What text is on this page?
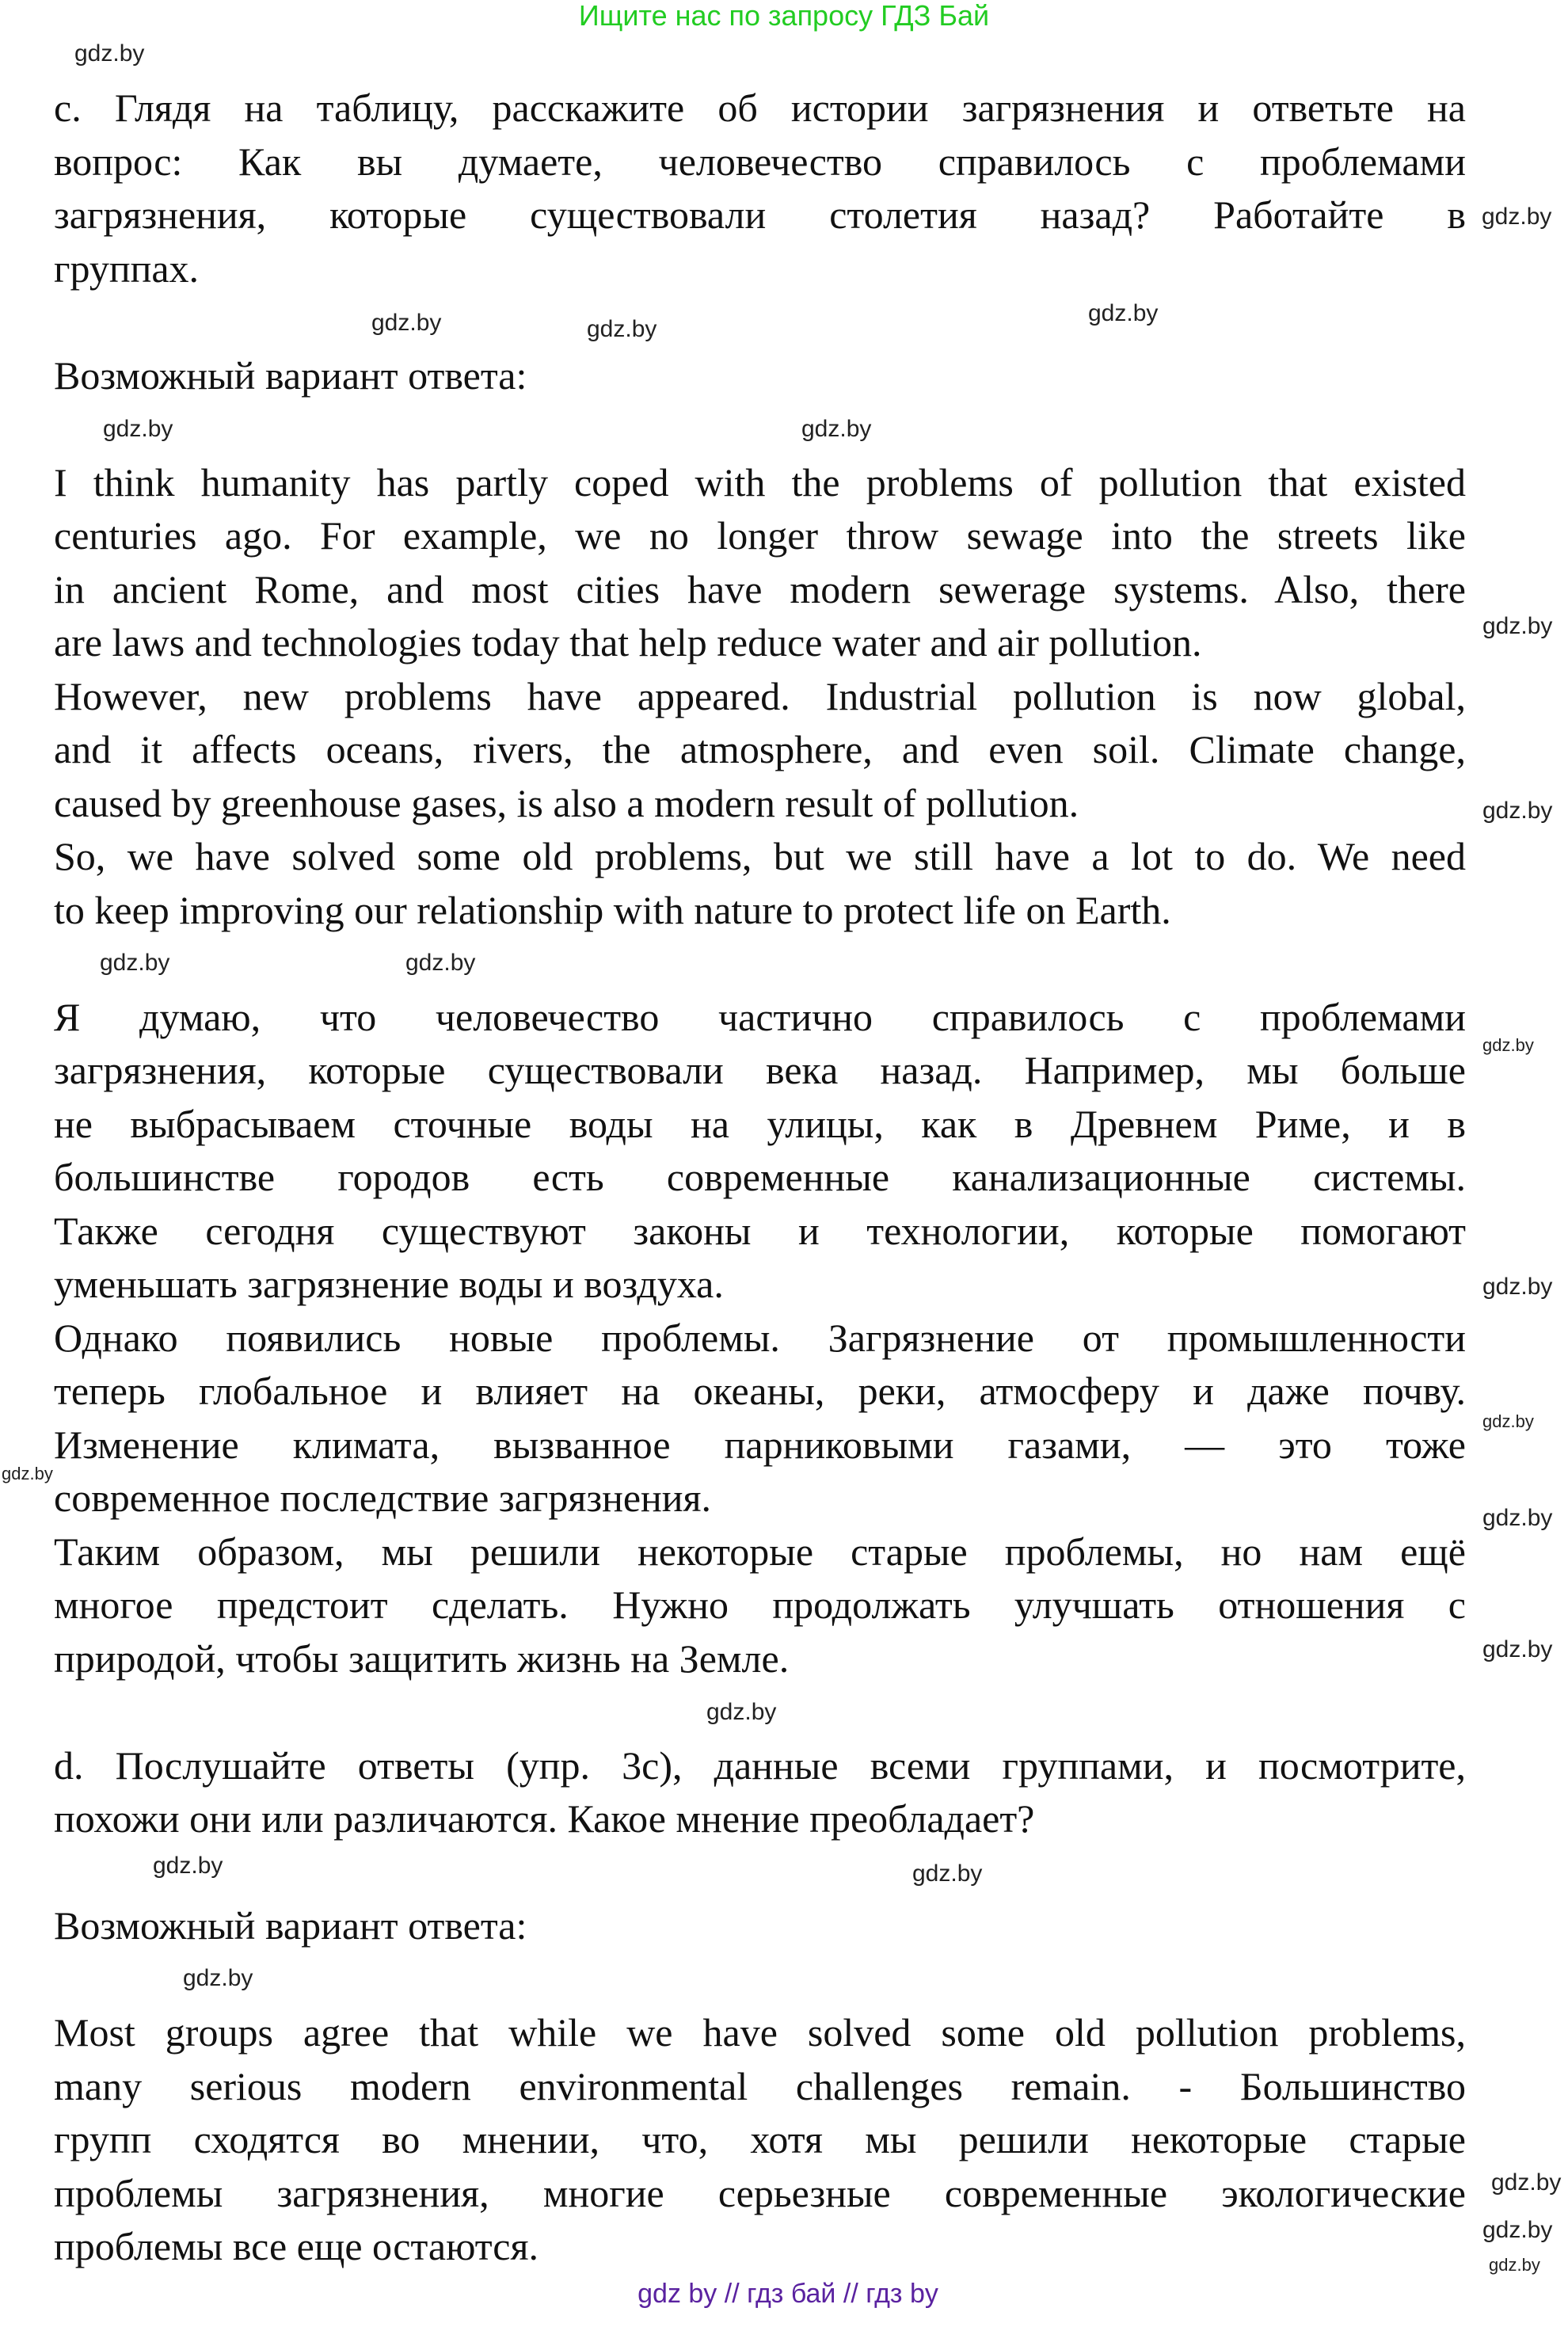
Ищите нас по запросу ГДЗ Бай
c. Глядя на таблицу, расскажите об истории загрязнения и ответьте на
вопрос: Как вы думаете, человечество справилось с проблемами
загрязнения, которые существовали столетия назад? Работайте в
группах.
Возможный вариант ответа:
I think humanity has partly coped with the problems of pollution that existed
centuries ago. For example, we no longer throw sewage into the streets like
in ancient Rome, and most cities have modern sewerage systems. Also, there
are laws and technologies today that help reduce water and air pollution.
However, new problems have appeared. Industrial pollution is now global,
and it affects oceans, rivers, the atmosphere, and even soil. Climate change,
caused by greenhouse gases, is also a modern result of pollution.
So, we have solved some old problems, but we still have a lot to do. We need
to keep improving our relationship with nature to protect life on Earth.
Я думаю, что человечество частично справилось с проблемами
загрязнения, которые существовали века назад. Например, мы больше
не выбрасываем сточные воды на улицы, как в Древнем Риме, и в
большинстве городов есть современные канализационные системы.
Также сегодня существуют законы и технологии, которые помогают
уменьшать загрязнение воды и воздуха.
Однако появились новые проблемы. Загрязнение от промышленности
теперь глобальное и влияет на океаны, реки, атмосферу и даже почву.
Изменение климата, вызванное парниковыми газами, — это тоже
современное последствие загрязнения.
Таким образом, мы решили некоторые старые проблемы, но нам ещё
многое предстоит сделать. Нужно продолжать улучшать отношения с
природой, чтобы защитить жизнь на Земле.
d. Послушайте ответы (упр. 3c), данные всеми группами, и посмотрите,
похожи они или различаются. Какое мнение преобладает?
Возможный вариант ответа:
Most groups agree that while we have solved some old pollution problems,
many serious modern environmental challenges remain. - Большинство
групп сходятся во мнении, что, хотя мы решили некоторые старые
проблемы загрязнения, многие серьезные современные экологические
проблемы все еще остаются.
gdz.by
gdz.by
gdz.by	gdz.by
gdz.by
gdz.by
gdz.by
gdz.by
gdz.by
gdz.by
gdz.by
gdz.by
gdz.by
gdz.by
gdz.by
gdz.by
gdz.by
gdz.by
gdz.by	gdz.by
gdz.by
gdz.by
gdz.by
gdz.by
gdz by // гдз бай // гдз by
